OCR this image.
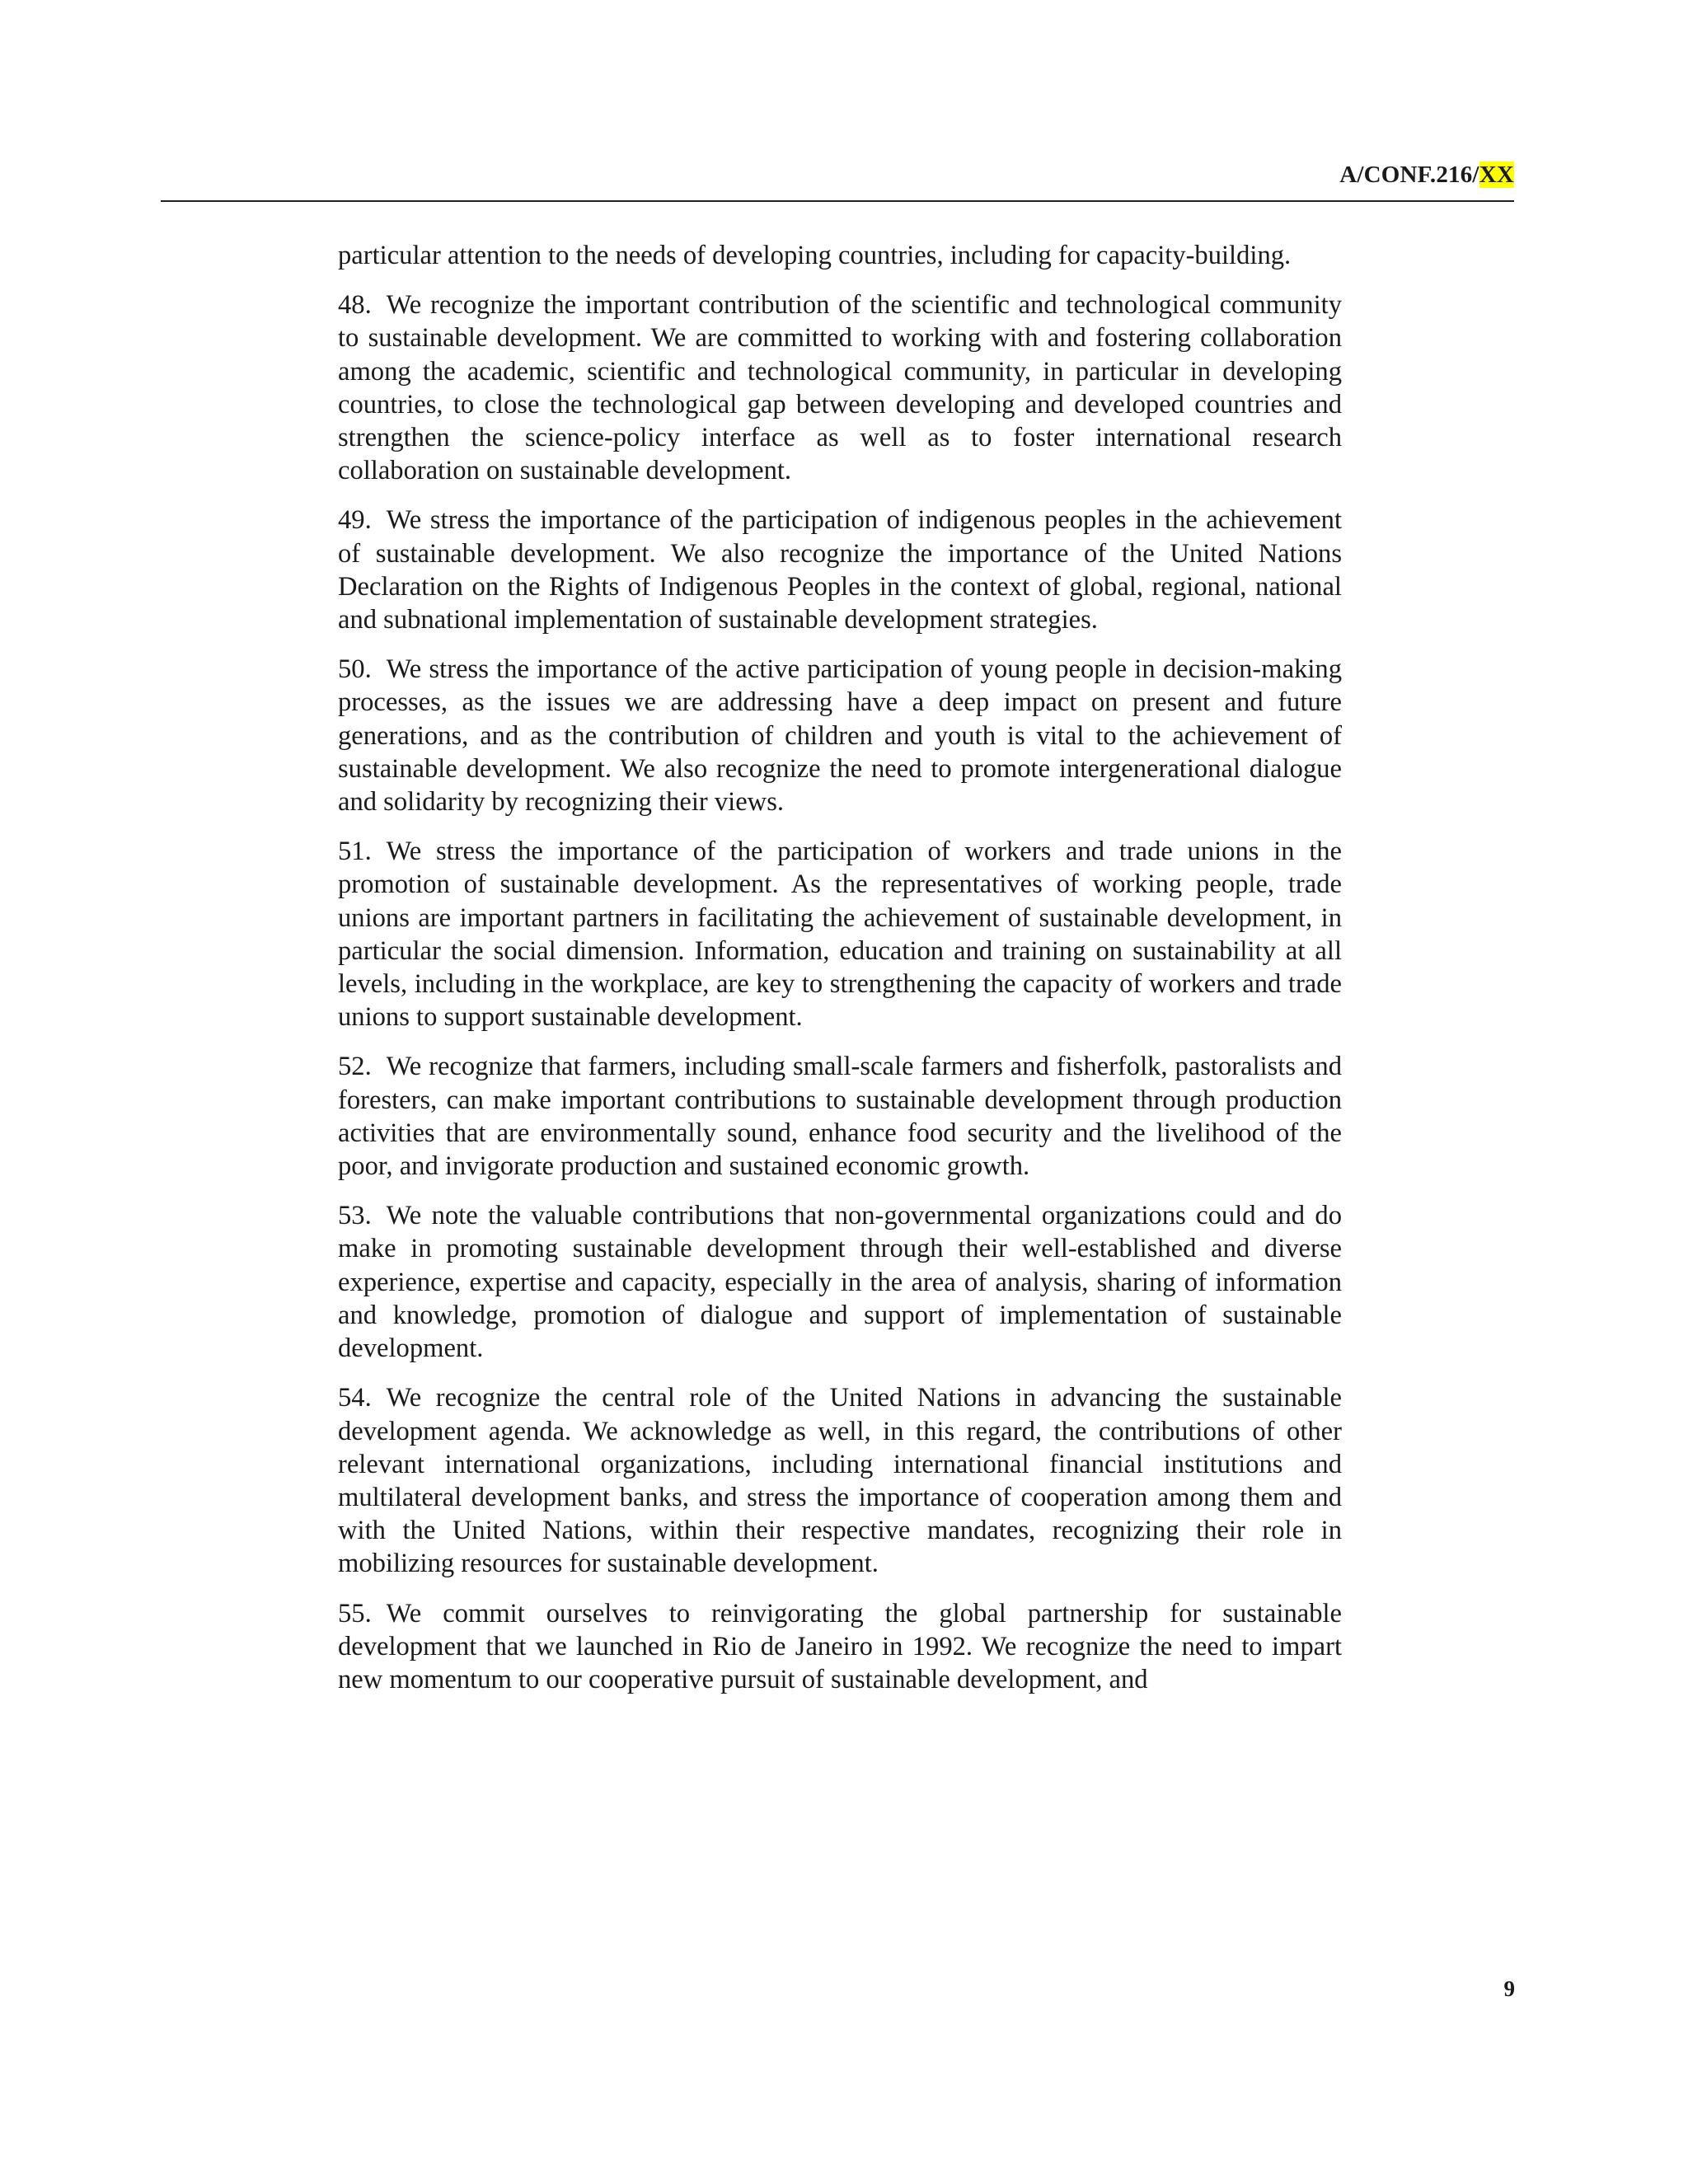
A/CONF.216/XX

particular attention to the needs of developing countries, including for capacity-building.

48. We recognize the important contribution of the scientific and technological community to sustainable development. We are committed to working with and fostering collaboration among the academic, scientific and technological community, in particular in developing countries, to close the technological gap between developing and developed countries and strengthen the science-policy interface as well as to foster international research collaboration on sustainable development.

49. We stress the importance of the participation of indigenous peoples in the achievement of sustainable development. We also recognize the importance of the United Nations Declaration on the Rights of Indigenous Peoples in the context of global, regional, national and subnational implementation of sustainable development strategies.

50. We stress the importance of the active participation of young people in decision-making processes, as the issues we are addressing have a deep impact on present and future generations, and as the contribution of children and youth is vital to the achievement of sustainable development. We also recognize the need to promote intergenerational dialogue and solidarity by recognizing their views.

51. We stress the importance of the participation of workers and trade unions in the promotion of sustainable development. As the representatives of working people, trade unions are important partners in facilitating the achievement of sustainable development, in particular the social dimension. Information, education and training on sustainability at all levels, including in the workplace, are key to strengthening the capacity of workers and trade unions to support sustainable development.

52. We recognize that farmers, including small-scale farmers and fisherfolk, pastoralists and foresters, can make important contributions to sustainable development through production activities that are environmentally sound, enhance food security and the livelihood of the poor, and invigorate production and sustained economic growth.

53. We note the valuable contributions that non-governmental organizations could and do make in promoting sustainable development through their well-established and diverse experience, expertise and capacity, especially in the area of analysis, sharing of information and knowledge, promotion of dialogue and support of implementation of sustainable development.

54. We recognize the central role of the United Nations in advancing the sustainable development agenda. We acknowledge as well, in this regard, the contributions of other relevant international organizations, including international financial institutions and multilateral development banks, and stress the importance of cooperation among them and with the United Nations, within their respective mandates, recognizing their role in mobilizing resources for sustainable development.

55. We commit ourselves to reinvigorating the global partnership for sustainable development that we launched in Rio de Janeiro in 1992. We recognize the need to impart new momentum to our cooperative pursuit of sustainable development, and

9
